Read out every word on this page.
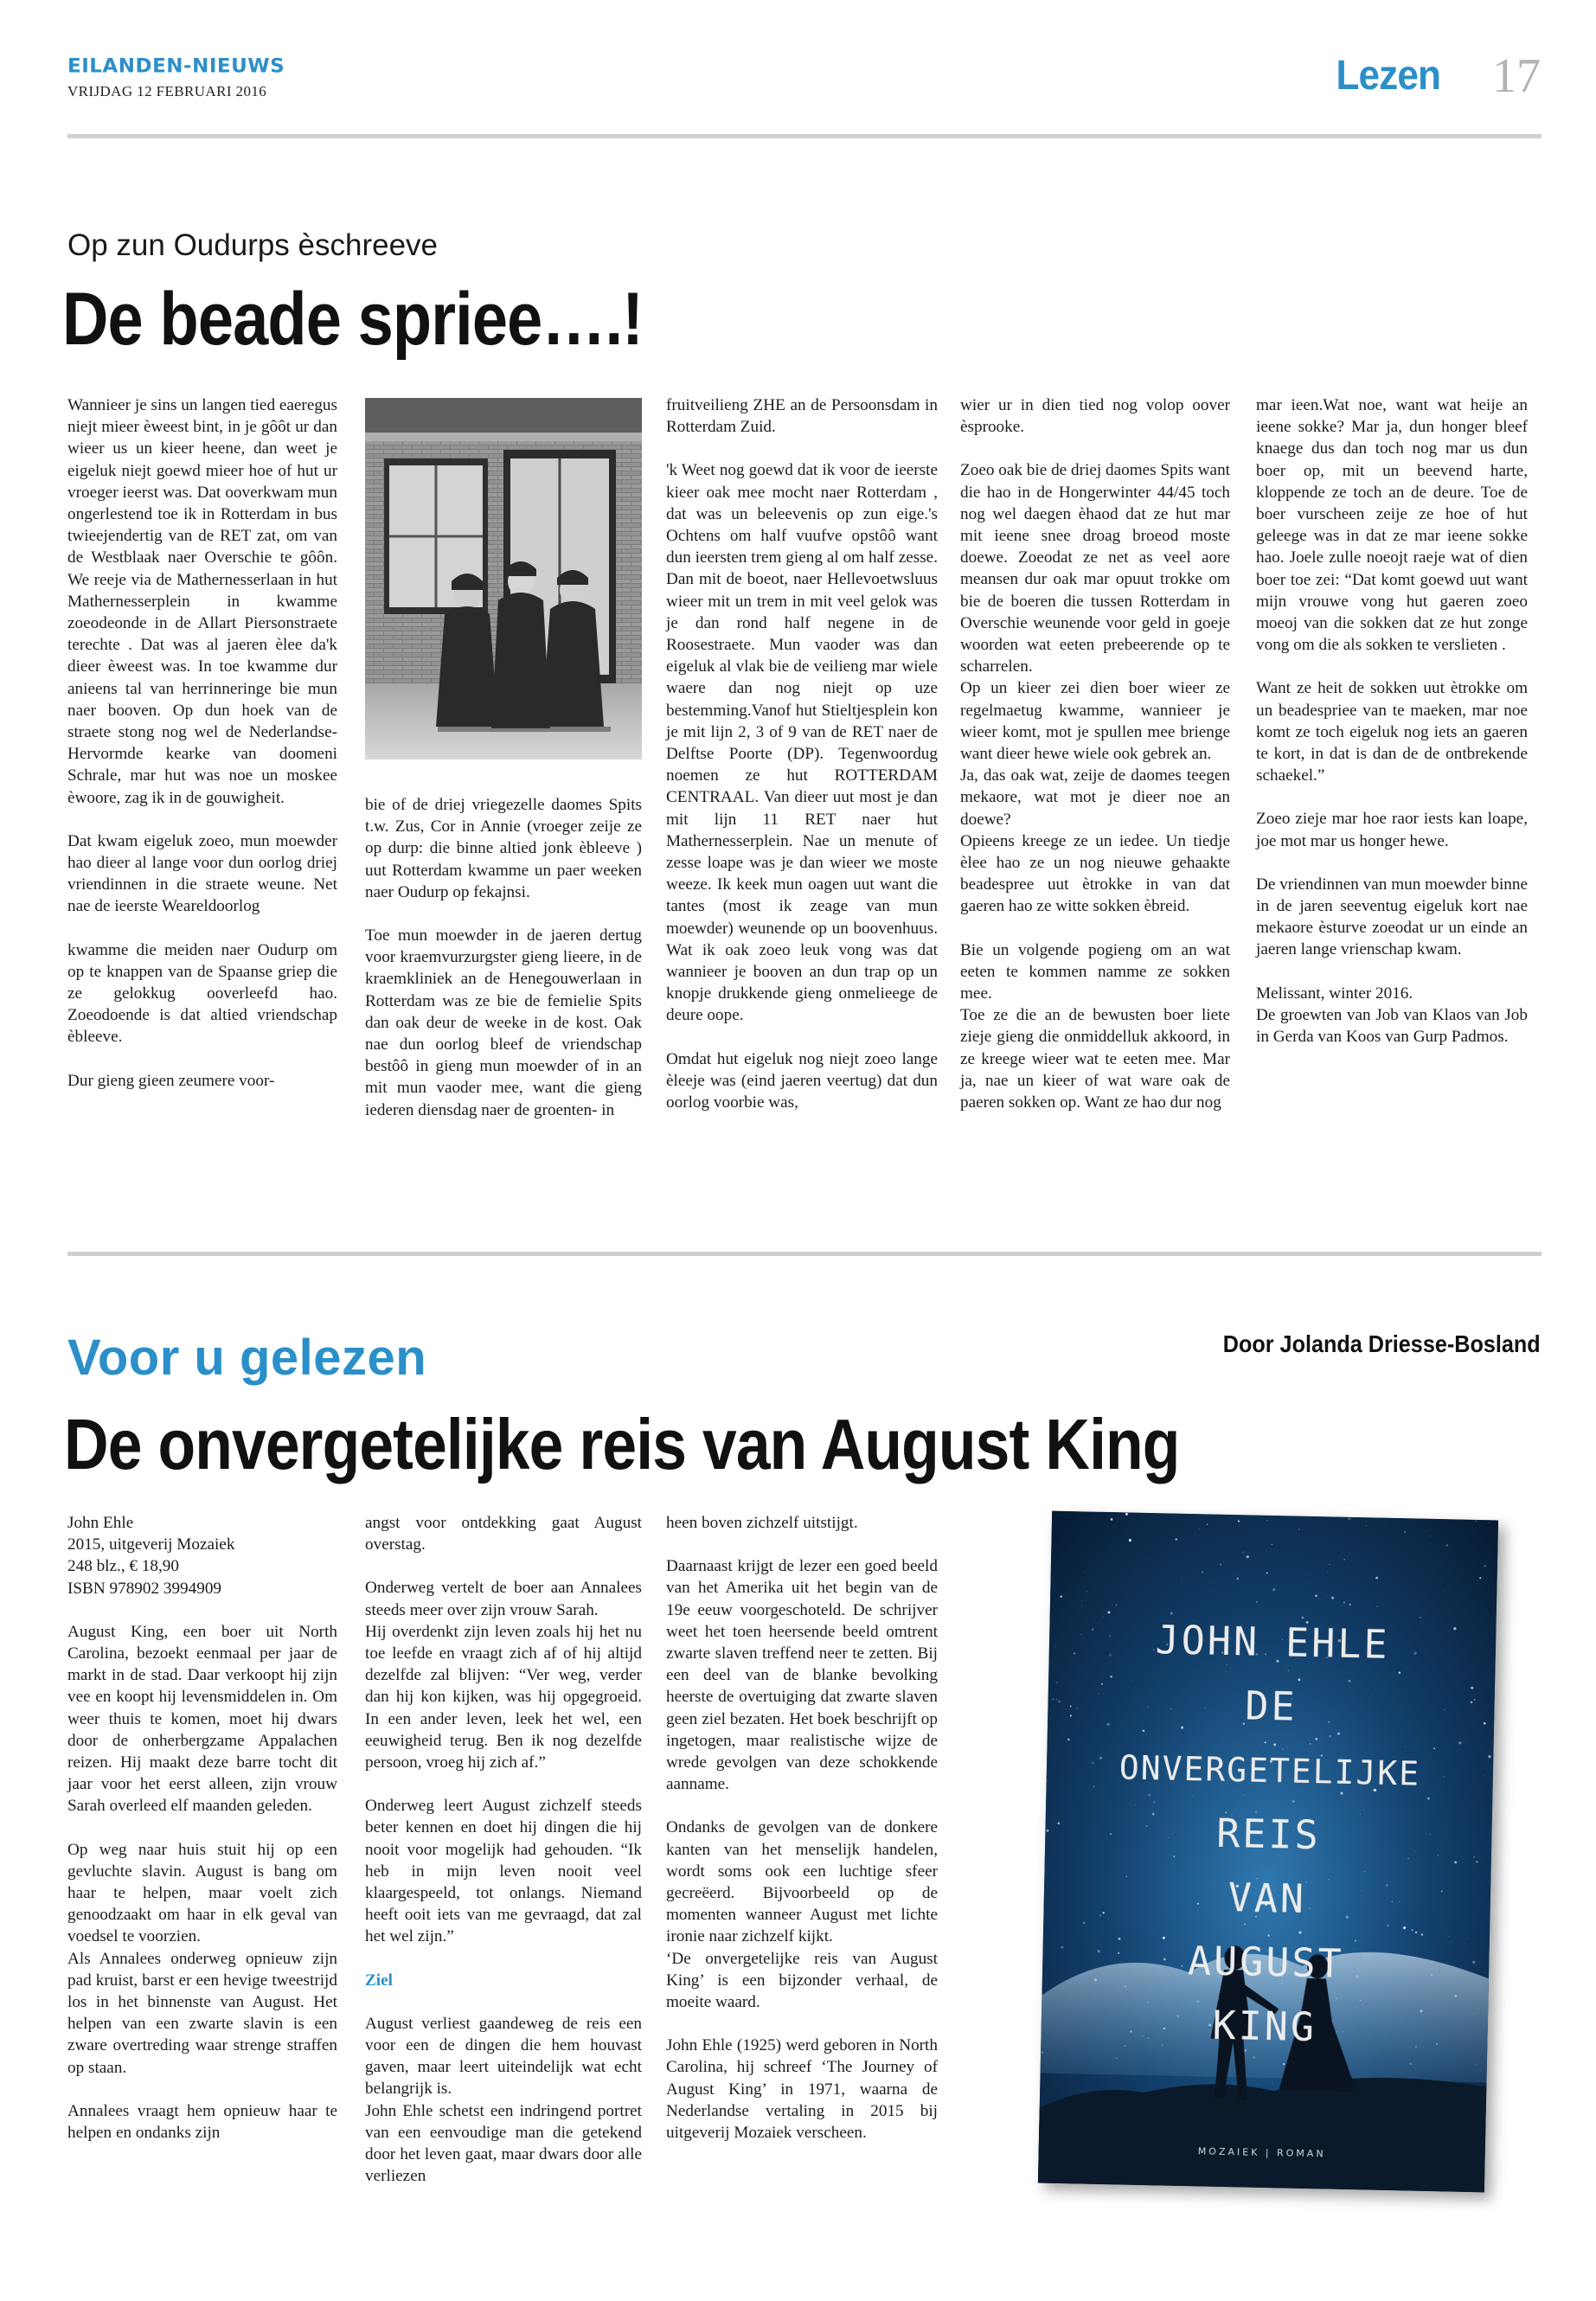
EILANDEN-NIEUWS
VRIJDAG 12 FEBRUARI 2016	Lezen 17
Op zun Oudurps èschreeve
De beade spriee….!

Wannieer je sins un langen tied eaeregus niejt mieer èweest bint, in je gôôt ur dan wieer us un kieer heene, dan weet je eigeluk niejt goewd mieer hoe of hut ur vroeger ieerst was. Dat ooverkwam mun ongerlestend toe ik in Rotterdam in bus twieejendertig van de RET zat, om van de Westblaak naer Overschie te gôôn. We reeje via de Mathernesserlaan in hut Mathernesserplein in kwamme zoeodeonde in de Allart Piersonstraete terechte . Dat was al jaeren èlee da'k dieer èweest was. In toe kwamme dur anieens tal van herrinneringe bie mun naer booven. Op dun hoek van de straete stong nog wel de Nederlandse- Hervormde kearke van doomeni Schrale, mar hut was noe un moskee èwoore, zag ik in de gouwigheit.

Dat kwam eigeluk zoeo, mun moewder hao dieer al lange voor dun oorlog driej vriendinnen in die straete weune. Net nae de ieerste Weareldoorlog

kwamme die meiden naer Oudurp om op te knappen van de Spaanse griep die ze gelokkug ooverleefd hao. Zoeodoende is dat altied vriendschap èbleeve.

Dur gieng gieen zeumere voor-

bie of de driej vriegezelle daomes Spits t.w. Zus, Cor in Annie (vroeger zeije ze op durp: die binne altied jonk èbleeve ) uut Rotterdam kwamme un paer weeken naer Oudurp op fekajnsi.

Toe mun moewder in de jaeren dertug voor kraemvurzurgster gieng lieere, in de kraemkliniek an de Henegouwerlaan in Rotterdam was ze bie de femielie Spits dan oak deur de weeke in de kost. Oak nae dun oorlog bleef de vriendschap bestôô in gieng mun moewder of in an mit mun vaoder mee, want die gieng iederen diensdag naer de groenten- in

fruitveilieng ZHE an de Persoonsdam in Rotterdam Zuid.

'k Weet nog goewd dat ik voor de ieerste kieer oak mee mocht naer Rotterdam , dat was un beleevenis op zun eige.'s Ochtens om half vuufve opstôô want dun ieersten trem gieng al om half zesse. Dan mit de boeot, naer Hellevoetwsluus wieer mit un trem in mit veel gelok was je dan rond half negene in de Roosestraete. Mun vaoder was dan eigeluk al vlak bie de veilieng mar wiele waere dan nog niejt op uze bestemming.Vanof hut Stieltjesplein kon je mit lijn 2, 3 of 9 van de RET naer de Delftse Poorte (DP). Tegenwoordug noemen ze hut ROTTERDAM CENTRAAL. Van dieer uut most je dan mit lijn 11 RET naer hut Mathernesserplein. Nae un menute of zesse loape was je dan wieer we moste weeze. Ik keek mun oagen uut want die tantes (most ik zeage van mun moewder) weunende op un boovenhuus. Wat ik oak zoeo leuk vong was dat wannieer je booven an dun trap op un knopje drukkende gieng onmelieege de deure oope.

Omdat hut eigeluk nog niejt zoeo lange èleeje was (eind jaeren veertug) dat dun oorlog voorbie was,

wier ur in dien tied nog volop oover èsprooke.

Zoeo oak bie de driej daomes Spits want die hao in de Hongerwinter 44/45 toch nog wel daegen èhaod dat ze hut mar mit ieene snee droag broeod moste doewe. Zoeodat ze net as veel aore meansen dur oak mar opuut trokke om bie de boeren die tussen Rotterdam in Overschie weunende voor geld in goeje woorden wat eeten prebeerende op te scharrelen.
Op un kieer zei dien boer wieer ze regelmaetug kwamme, wannieer je wieer komt, mot je spullen mee brienge want dieer hewe wiele ook gebrek an.
Ja, das oak wat, zeije de daomes teegen mekaore, wat mot je dieer noe an doewe?
Opieens kreege ze un iedee. Un tiedje èlee hao ze un nog nieuwe gehaakte beadespree uut ètrokke in van dat gaeren hao ze witte sokken èbreid.

Bie un volgende pogieng om an wat eeten te kommen namme ze sokken mee.
Toe ze die an de bewusten boer liete zieje gieng die onmiddelluk akkoord, in ze kreege wieer wat te eeten mee. Mar ja, nae un kieer of wat ware oak de paeren sokken op. Want ze hao dur nog

mar ieen.Wat noe, want wat heije an ieene sokke? Mar ja, dun honger bleef knaege dus dan toch nog mar us dun boer op, mit un beevend harte, kloppende ze toch an de deure. Toe de boer vurscheen zeije ze hoe of hut geleege was in dat ze mar ieene sokke hao. Joele zulle noeojt raeje wat of dien boer toe zei: “Dat komt goewd uut want mijn vrouwe vong hut gaeren zoeo moeoj van die sokken dat ze hut zonge vong om die als sokken te verslieten .

Want ze heit de sokken uut ètrokke om un beadespriee van te maeken, mar noe komt ze toch eigeluk nog iets an gaeren te kort, in dat is dan de de ontbrekende schaekel.”

Zoeo zieje mar hoe raor iests kan loape, joe mot mar us honger hewe.

De vriendinnen van mun moewder binne in de jaren seeventug eigeluk kort nae mekaore èsturve zoeodat ur un einde an jaeren lange vrienschap kwam.

Melissant, winter 2016.
De groewten van Job van Klaos van Job in Gerda van Koos van Gurp Padmos.

Voor u gelezen	Door Jolanda Driesse-Bosland
De onvergetelijke reis van August King

John Ehle
2015, uitgeverij Mozaiek
248 blz., € 18,90
ISBN 978902 3994909

August King, een boer uit North Carolina, bezoekt eenmaal per jaar de markt in de stad. Daar verkoopt hij zijn vee en koopt hij levensmiddelen in. Om weer thuis te komen, moet hij dwars door de onherbergzame Appalachen reizen. Hij maakt deze barre tocht dit jaar voor het eerst alleen, zijn vrouw Sarah overleed elf maanden geleden.

Op weg naar huis stuit hij op een gevluchte slavin. August is bang om haar te helpen, maar voelt zich genoodzaakt om haar in elk geval van voedsel te voorzien.
Als Annalees onderweg opnieuw zijn pad kruist, barst er een hevige tweestrijd los in het binnenste van August. Het helpen van een zwarte slavin is een zware overtreding waar strenge straffen op staan.

Annalees vraagt hem opnieuw haar te helpen en ondanks zijn

angst voor ontdekking gaat August overstag.

Onderweg vertelt de boer aan Annalees steeds meer over zijn vrouw Sarah.
Hij overdenkt zijn leven zoals hij het nu toe leefde en vraagt zich af of hij altijd dezelfde zal blijven: “Ver weg, verder dan hij kon kijken, was hij opgegroeid. In een ander leven, leek het wel, een eeuwigheid terug. Ben ik nog dezelfde persoon, vroeg hij zich af.”

Onderweg leert August zichzelf steeds beter kennen en doet hij dingen die hij nooit voor mogelijk had gehouden. “Ik heb in mijn leven nooit veel klaargespeeld, tot onlangs. Niemand heeft ooit iets van me gevraagd, dat zal het wel zijn.”

Ziel

August verliest gaandeweg de reis een voor een de dingen die hem houvast gaven, maar leert uiteindelijk wat echt belangrijk is.
John Ehle schetst een indringend portret van een eenvoudige man die getekend door het leven gaat, maar dwars door alle verliezen

heen boven zichzelf uitstijgt.

Daarnaast krijgt de lezer een goed beeld van het Amerika uit het begin van de 19e eeuw voorgeschoteld. De schrijver weet het toen heersende beeld omtrent zwarte slaven treffend neer te zetten. Bij een deel van de blanke bevolking heerste de overtuiging dat zwarte slaven geen ziel bezaten. Het boek beschrijft op ingetogen, maar realistische wijze de wrede gevolgen van deze schokkende aanname.

Ondanks de gevolgen van de donkere kanten van het menselijk handelen, wordt soms ook een luchtige sfeer gecreëerd. Bijvoorbeeld op de momenten wanneer August met lichte ironie naar zichzelf kijkt.
‘De onvergetelijke reis van August King’ is een bijzonder verhaal, de moeite waard.

John Ehle (1925) werd geboren in North Carolina, hij schreef ‘The Journey of August King’ in 1971, waarna de Nederlandse vertaling in 2015 bij uitgeverij Mozaiek verscheen.

JOHN EHLE
DE
ONVERGETELIJKE
REIS
VAN
AUGUST
KING
MOZAIEK | ROMAN
